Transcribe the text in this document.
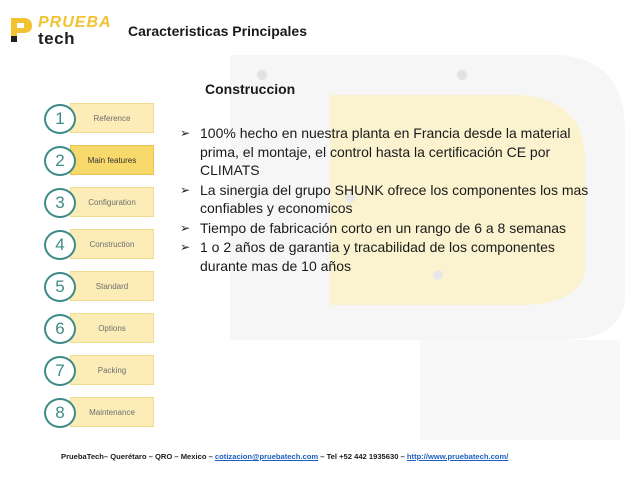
PRUEBA
tech	Caracteristicas Principales
Construccion
Reference
1
Main features
2
Configuration
3
Construction
4
Standard
5
Options
6
Packing
7
Maintenance
8
➢ 100% hecho en nuestra planta en Francia desde la material prima, el montaje, el control hasta la certificación CE por CLIMATS
➢ La sinergia del grupo SHUNK ofrece los componentes los mas confiables y economicos
➢ Tiempo de fabricación corto en un rango de 6 a 8 semanas
➢ 1 o 2 años de garantia y tracabilidad de los componentes durante mas de 10 años
PruebaTech– Querétaro – QRO – Mexico – cotizacion@pruebatech.com – Tel +52 442 1935630 – http://www.pruebatech.com/
